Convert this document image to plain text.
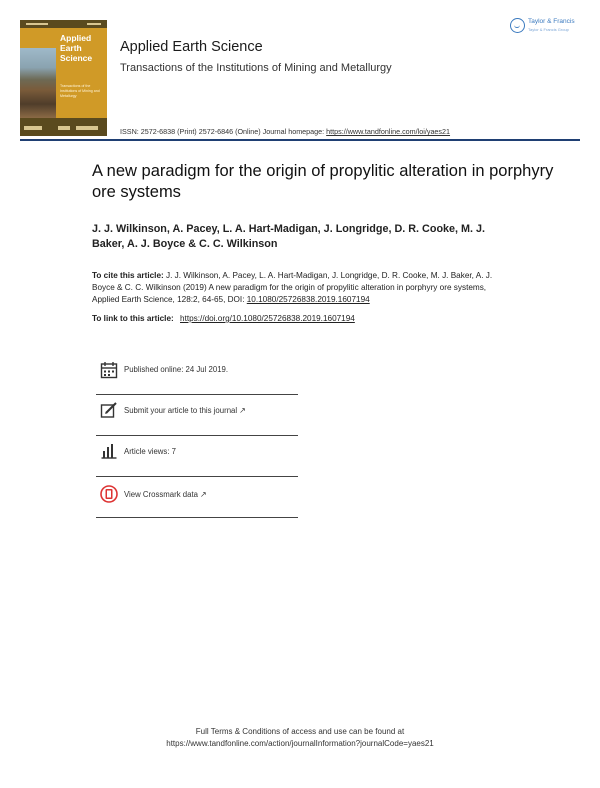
Applied Earth Science
Transactions of the Institutions of Mining and Metallurgy
Applied Earth Science
Transactions of the Institutions of Mining and Metallurgy
Taylor & Francis
Taylor & Francis Group
ISSN: 2572-6838 (Print) 2572-6846 (Online) Journal homepage: https://www.tandfonline.com/loi/yaes21
A new paradigm for the origin of propylitic alteration in porphyry ore systems
J. J. Wilkinson, A. Pacey, L. A. Hart-Madigan, J. Longridge, D. R. Cooke, M. J. Baker, A. J. Boyce & C. C. Wilkinson
To cite this article: J. J. Wilkinson, A. Pacey, L. A. Hart-Madigan, J. Longridge, D. R. Cooke, M. J. Baker, A. J. Boyce & C. C. Wilkinson (2019) A new paradigm for the origin of propylitic alteration in porphyry ore systems, Applied Earth Science, 128:2, 64-65, DOI: 10.1080/25726838.2019.1607194
To link to this article: https://doi.org/10.1080/25726838.2019.1607194
Published online: 24 Jul 2019.
Submit your article to this journal ↗
Article views: 7
View Crossmark data ↗
Full Terms & Conditions of access and use can be found at
https://www.tandfonline.com/action/journalInformation?journalCode=yaes21
